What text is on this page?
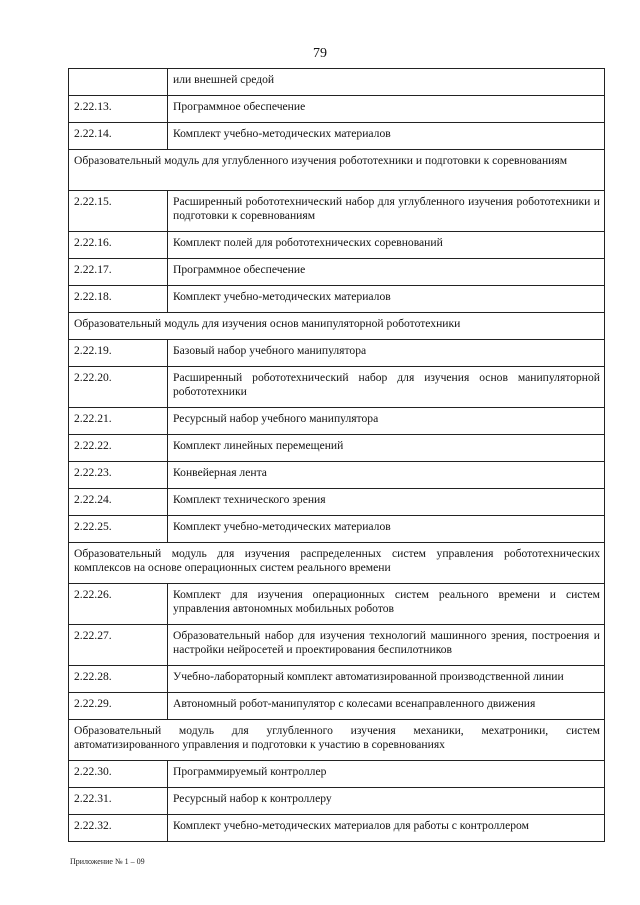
79
	или внешней средой
2.22.13.	Программное обеспечение
2.22.14.	Комплект учебно-методических материалов
Образовательный модуль для углубленного изучения робототехники и подготовки к соревнованиям	
2.22.15.	Расширенный робототехнический набор для углубленного изучения робототехники и подготовки к соревнованиям
2.22.16.	Комплект полей для робототехнических соревнований
2.22.17.	Программное обеспечение
2.22.18.	Комплект учебно-методических материалов
Образовательный модуль для изучения основ манипуляторной робототехники	
2.22.19.	Базовый набор учебного манипулятора
2.22.20.	Расширенный робототехнический набор для изучения основ манипуляторной робототехники
2.22.21.	Ресурсный набор учебного манипулятора
2.22.22.	Комплект линейных перемещений
2.22.23.	Конвейерная лента
2.22.24.	Комплект технического зрения
2.22.25.	Комплект учебно-методических материалов
Образовательный модуль для изучения распределенных систем управления робототехнических комплексов на основе операционных систем реального времени	
2.22.26.	Комплект для изучения операционных систем реального времени и систем управления автономных мобильных роботов
2.22.27.	Образовательный набор для изучения технологий машинного зрения, построения и настройки нейросетей и проектирования беспилотников
2.22.28.	Учебно-лабораторный комплект автоматизированной производственной линии
2.22.29.	Автономный робот-манипулятор с колесами всенаправленного движения
Образовательный модуль для углубленного изучения механики, мехатроники, систем автоматизированного управления и подготовки к участию в соревнованиях	
2.22.30.	Программируемый контроллер
2.22.31.	Ресурсный набор к контроллеру
2.22.32.	Комплект учебно-методических материалов для работы с контроллером
Приложение № 1 – 09
